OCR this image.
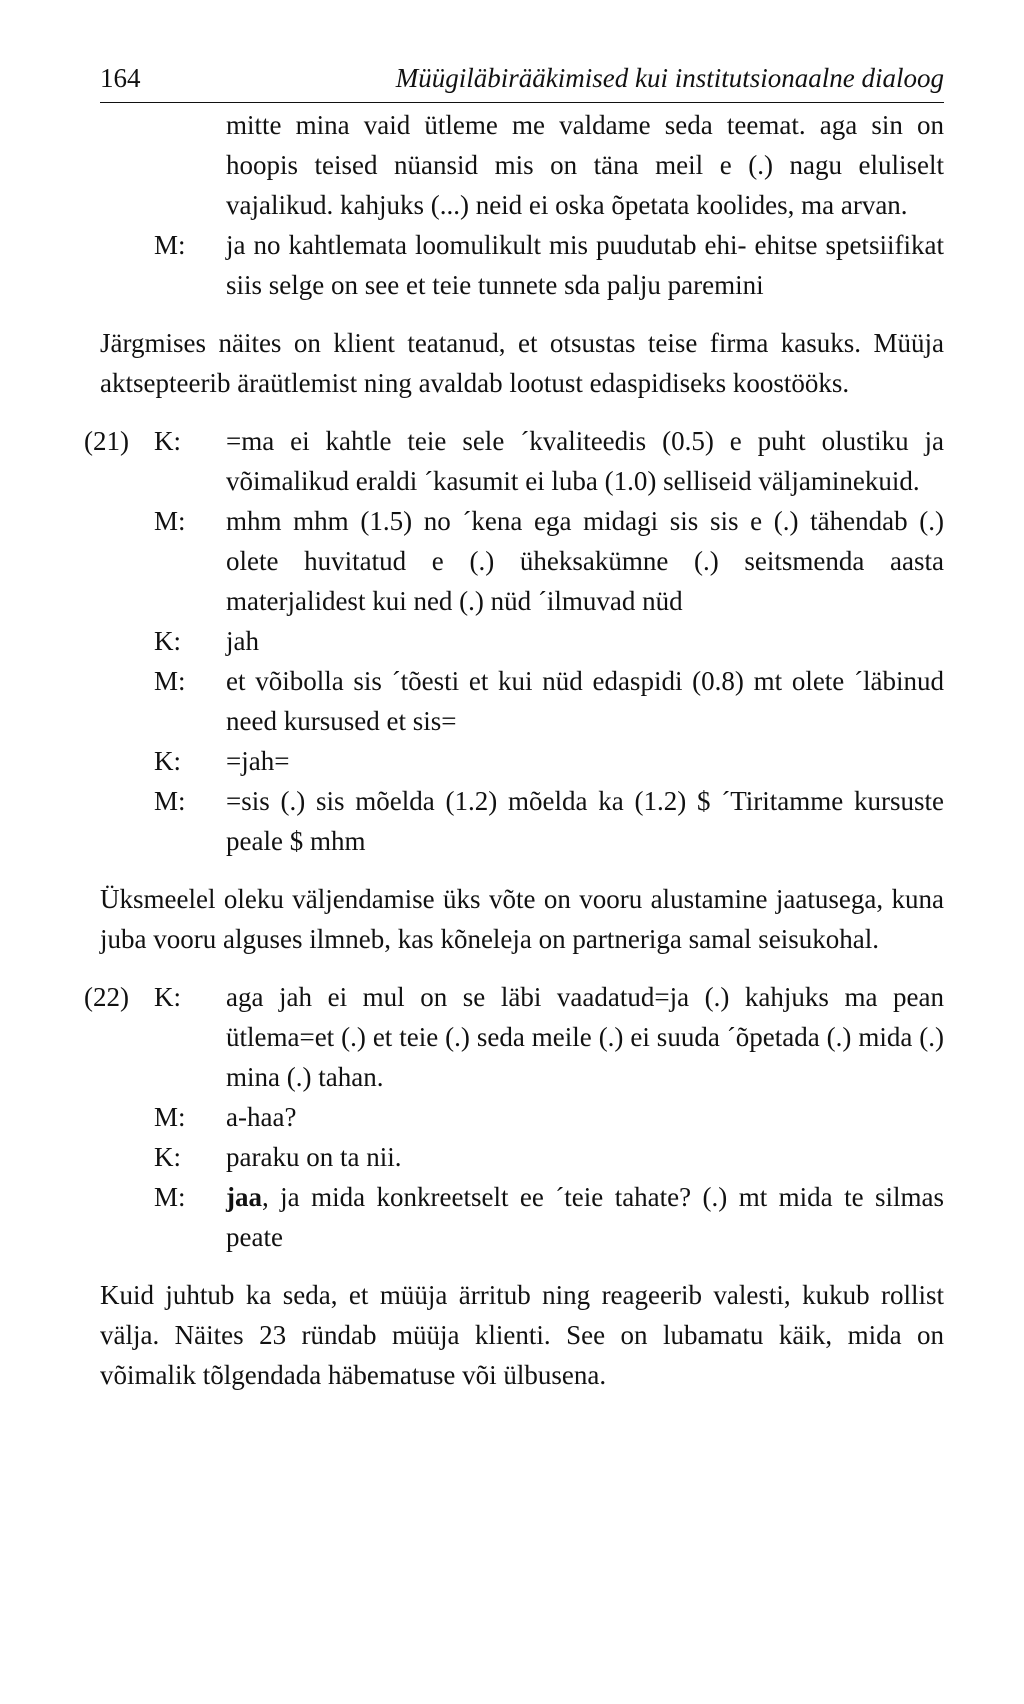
164	Müügiläbirääkimised kui institutsionaalne dialoog
mitte mina vaid ütleme me valdame seda teemat. aga sin on hoopis teised nüansid mis on täna meil e (.) nagu eluliselt vajalikud. kahjuks (...) neid ei oska õpetata koolides, ma arvan.
M:	ja no kahtlemata loomulikult mis puudutab ehi- ehitse spetsiifikat siis selge on see et teie tunnete sda palju paremini

Järgmises näites on klient teatanud, et otsustas teise firma kasuks. Müüja aktsepteerib äraütlemist ning avaldab lootust edaspidiseks koostööks.

(21) K:	=ma ei kahtle teie sele ´kvaliteedis (0.5) e puht olustiku ja võimalikud eraldi ´kasumit ei luba (1.0) selliseid väljaminekuid.
M:	mhm mhm (1.5) no ´kena ega midagi sis sis e (.) tähendab (.) olete huvitatud e (.) üheksakümne (.) seitsmenda aasta materjalidest kui ned (.) nüd ´ilmuvad nüd
K:	jah
M:	et võibolla sis ´tõesti et kui nüd edaspidi (0.8) mt olete ´läbinud need kursused et sis=
K:	=jah=
M:	=sis (.) sis mõelda (1.2) mõelda ka (1.2) $ ´Tiritamme kursuste peale $ mhm

Üksmeelel oleku väljendamise üks võte on vooru alustamine jaatusega, kuna juba vooru alguses ilmneb, kas kõneleja on partneriga samal seisukohal.

(22) K:	aga jah ei mul on se läbi vaadatud=ja (.) kahjuks ma pean ütlema=et (.) et teie (.) seda meile (.) ei suuda ´õpetada (.) mida (.) mina (.) tahan.
M:	a-haa?
K:	paraku on ta nii.
M:	jaa, ja mida konkreetselt ee ´teie tahate? (.) mt mida te silmas peate

Kuid juhtub ka seda, et müüja ärritub ning reageerib valesti, kukub rollist välja. Näites 23 ründab müüja klienti. See on lubamatu käik, mida on võimalik tõlgendada häbematuse või ülbusena.
